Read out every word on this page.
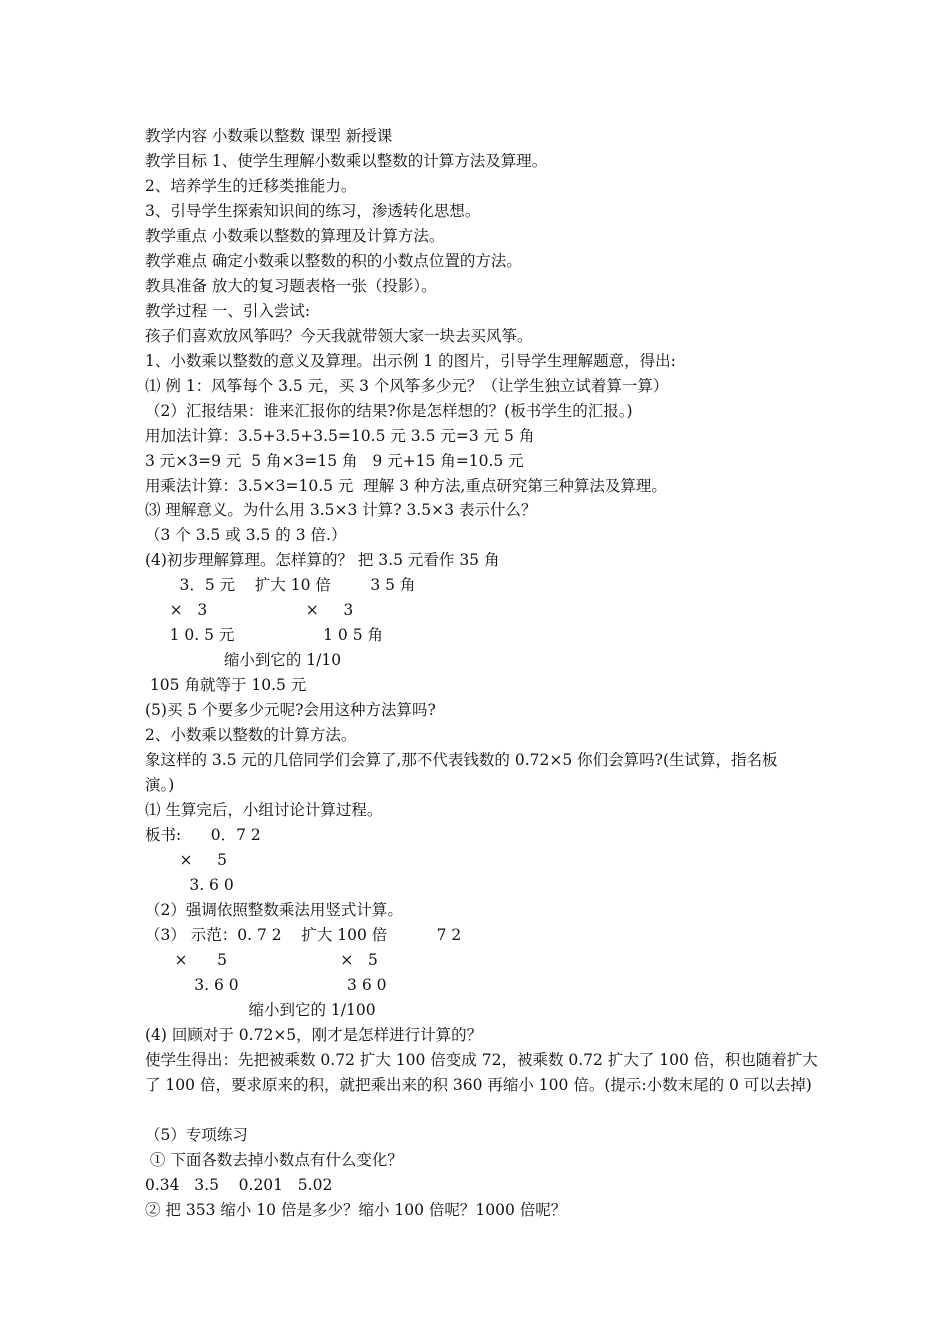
教学内容 小数乘以整数 课型 新授课
教学目标 1、使学生理解小数乘以整数的计算方法及算理。
2、培养学生的迁移类推能力。
3、引导学生探索知识间的练习，渗透转化思想。
教学重点 小数乘以整数的算理及计算方法。
教学难点 确定小数乘以整数的积的小数点位置的方法。
教具准备 放大的复习题表格一张（投影）。
教学过程 一、引入尝试:
孩子们喜欢放风筝吗？今天我就带领大家一块去买风筝。
1、小数乘以整数的意义及算理。出示例 1 的图片，引导学生理解题意，得出:
⑴ 例 1：风筝每个 3.5 元，买 3 个风筝多少元？（让学生独立试着算一算）
（2）汇报结果：谁来汇报你的结果?你是怎样想的？(板书学生的汇报。)
用加法计算：3.5+3.5+3.5=10.5 元 3.5 元=3 元 5 角
3 元×3=9 元  5 角×3=15 角   9 元+15 角=10.5 元
用乘法计算：3.5×3=10.5 元  理解 3 种方法,重点研究第三种算法及算理。
⑶ 理解意义。为什么用 3.5×3 计算? 3.5×3 表示什么？
（3 个 3.5 或 3.5 的 3 倍.）
(4)初步理解算理。怎样算的？ 把 3.5 元看作 35 角
3．5 元    扩大 10 倍        3 5 角
×   3                    ×     3
1 0. 5 元                  1 0 5 角
缩小到它的 1/10
105 角就等于 10.5 元
(5)买 5 个要多少元呢?会用这种方法算吗?
2、小数乘以整数的计算方法。
象这样的 3.5 元的几倍同学们会算了,那不代表钱数的 0.72×5 你们会算吗?(生试算，指名板
演。)
⑴ 生算完后，小组讨论计算过程。
板书:      0．7 2
×     5
3. 6 0
（2）强调依照整数乘法用竖式计算。
（3） 示范：0. 7 2    扩大 100 倍          7 2
×      5                       ×   5
3. 6 0                      3 6 0
缩小到它的 1/100
(4) 回顾对于 0.72×5，刚才是怎样进行计算的？
使学生得出：先把被乘数 0.72 扩大 100 倍变成 72，被乘数 0.72 扩大了 100 倍，积也随着扩大
了 100 倍，要求原来的积，就把乘出来的积 360 再缩小 100 倍。(提示:小数末尾的 0 可以去掉)
（5）专项练习
① 下面各数去掉小数点有什么变化？
0.34   3.5    0.201   5.02
② 把 353 缩小 10 倍是多少？缩小 100 倍呢？1000 倍呢？
